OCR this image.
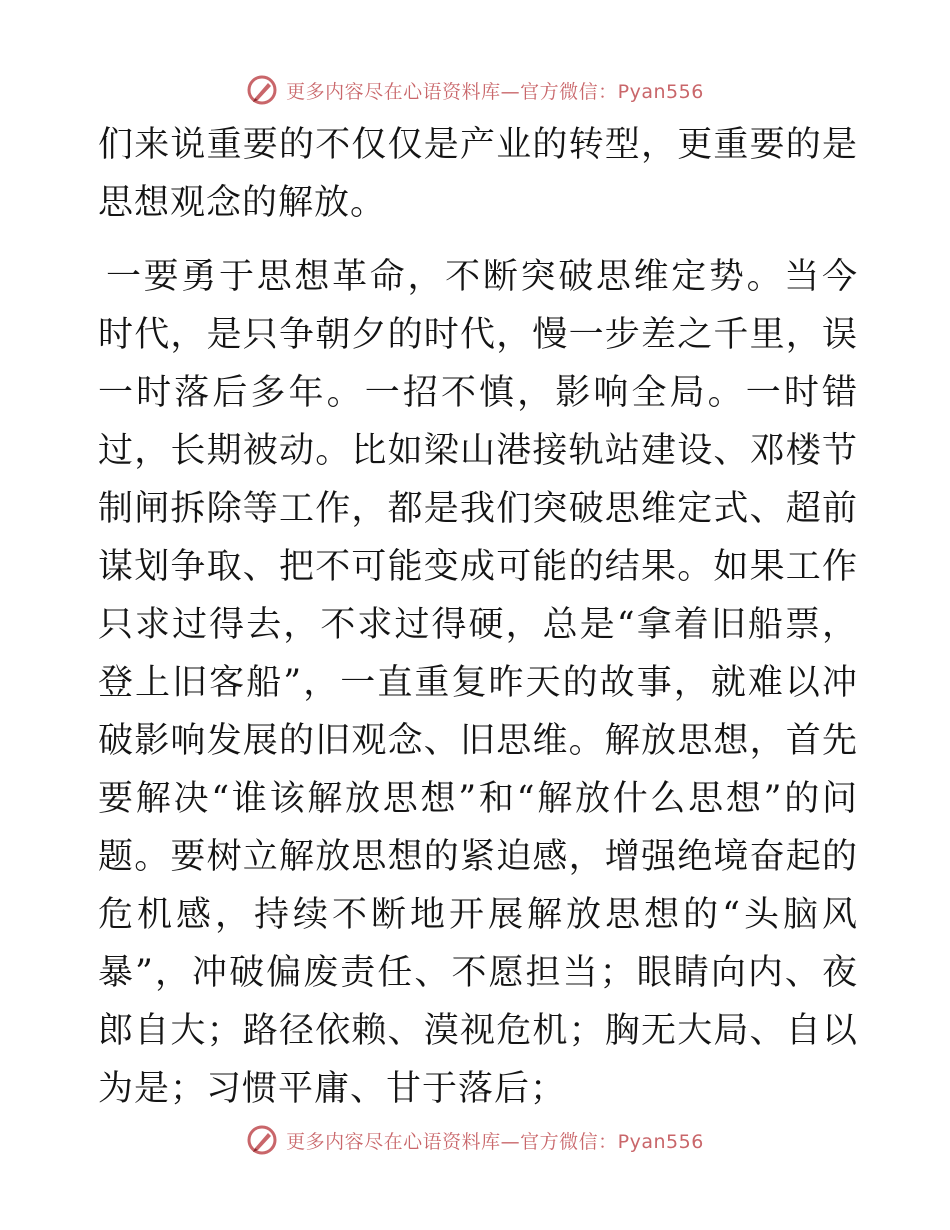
更多内容尽在心语资料库—官方微信：Pyan556

们来说重要的不仅仅是产业的转型，更重要的是思想观念的解放。

一要勇于思想革命，不断突破思维定势。当今时代，是只争朝夕的时代，慢一步差之千里，误一时落后多年。一招不慎，影响全局。一时错过，长期被动。比如梁山港接轨站建设、邓楼节制闸拆除等工作，都是我们突破思维定式、超前谋划争取、把不可能变成可能的结果。如果工作只求过得去，不求过得硬，总是“拿着旧船票，登上旧客船”，一直重复昨天的故事，就难以冲破影响发展的旧观念、旧思维。解放思想，首先要解决“谁该解放思想”和“解放什么思想”的问题。要树立解放思想的紧迫感，增强绝境奋起的危机感，持续不断地开展解放思想的“头脑风暴”，冲破偏废责任、不愿担当；眼睛向内、夜郎自大；路径依赖、漠视危机；胸无大局、自以为是；习惯平庸、甘于落后；

更多内容尽在心语资料库—官方微信：Pyan556
